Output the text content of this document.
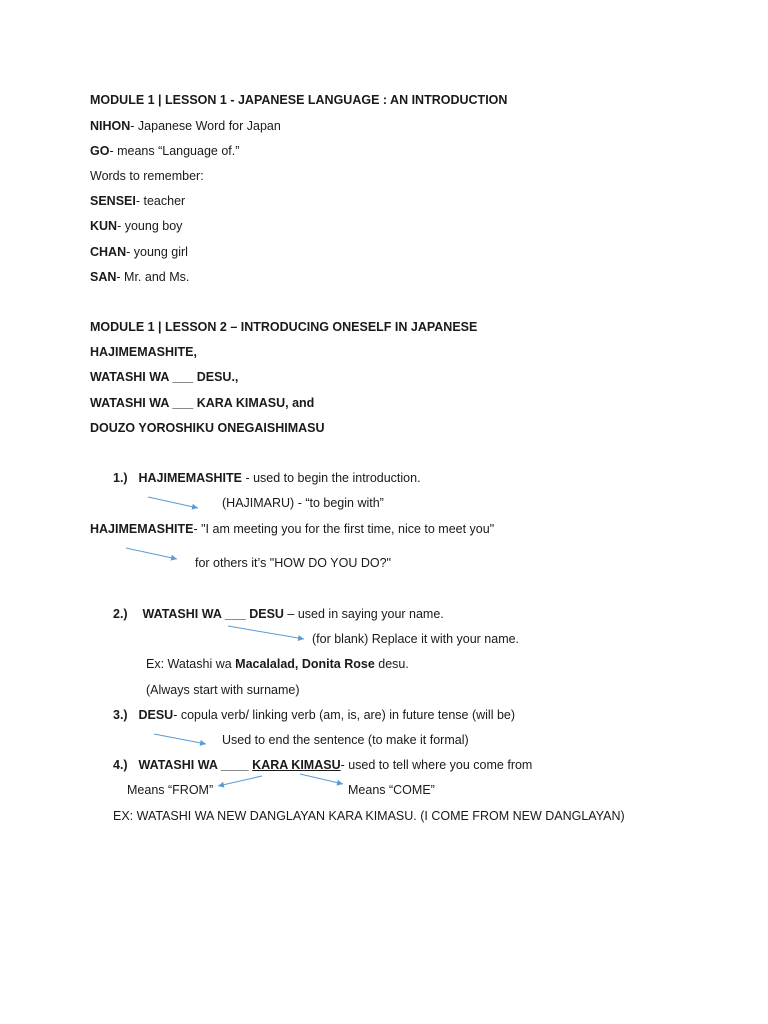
MODULE 1 | LESSON 1 - JAPANESE LANGUAGE : AN INTRODUCTION
NIHON- Japanese Word for Japan
GO- means “Language of.”
Words to remember:
SENSEI- teacher
KUN- young boy
CHAN- young girl
SAN- Mr. and Ms.
MODULE 1 | LESSON 2 – INTRODUCING ONESELF IN JAPANESE
HAJIMEMASHITE,
WATASHI WA ___ DESU.,
WATASHI WA ___ KARA KIMASU, and
DOUZO YOROSHIKU ONEGAISHIMASU
1.) HAJIMEMASHITE - used to begin the introduction.
(HAJIMARU) - “to begin with”
HAJIMEMASHITE- "I am meeting you for the first time, nice to meet you"
for others it’s "HOW DO YOU DO?"
2.) WATASHI WA ___ DESU – used in saying your name.
(for blank) Replace it with your name.
Ex: Watashi wa Macalalad, Donita Rose desu.
(Always start with surname)
3.) DESU- copula verb/ linking verb (am, is, are) in future tense (will be)
Used to end the sentence (to make it formal)
4.) WATASHI WA ____ KARA KIMASU- used to tell where you come from
Means “FROM”	Means “COME”
EX: WATASHI WA NEW DANGLAYAN KARA KIMASU. (I COME FROM NEW DANGLAYAN)
